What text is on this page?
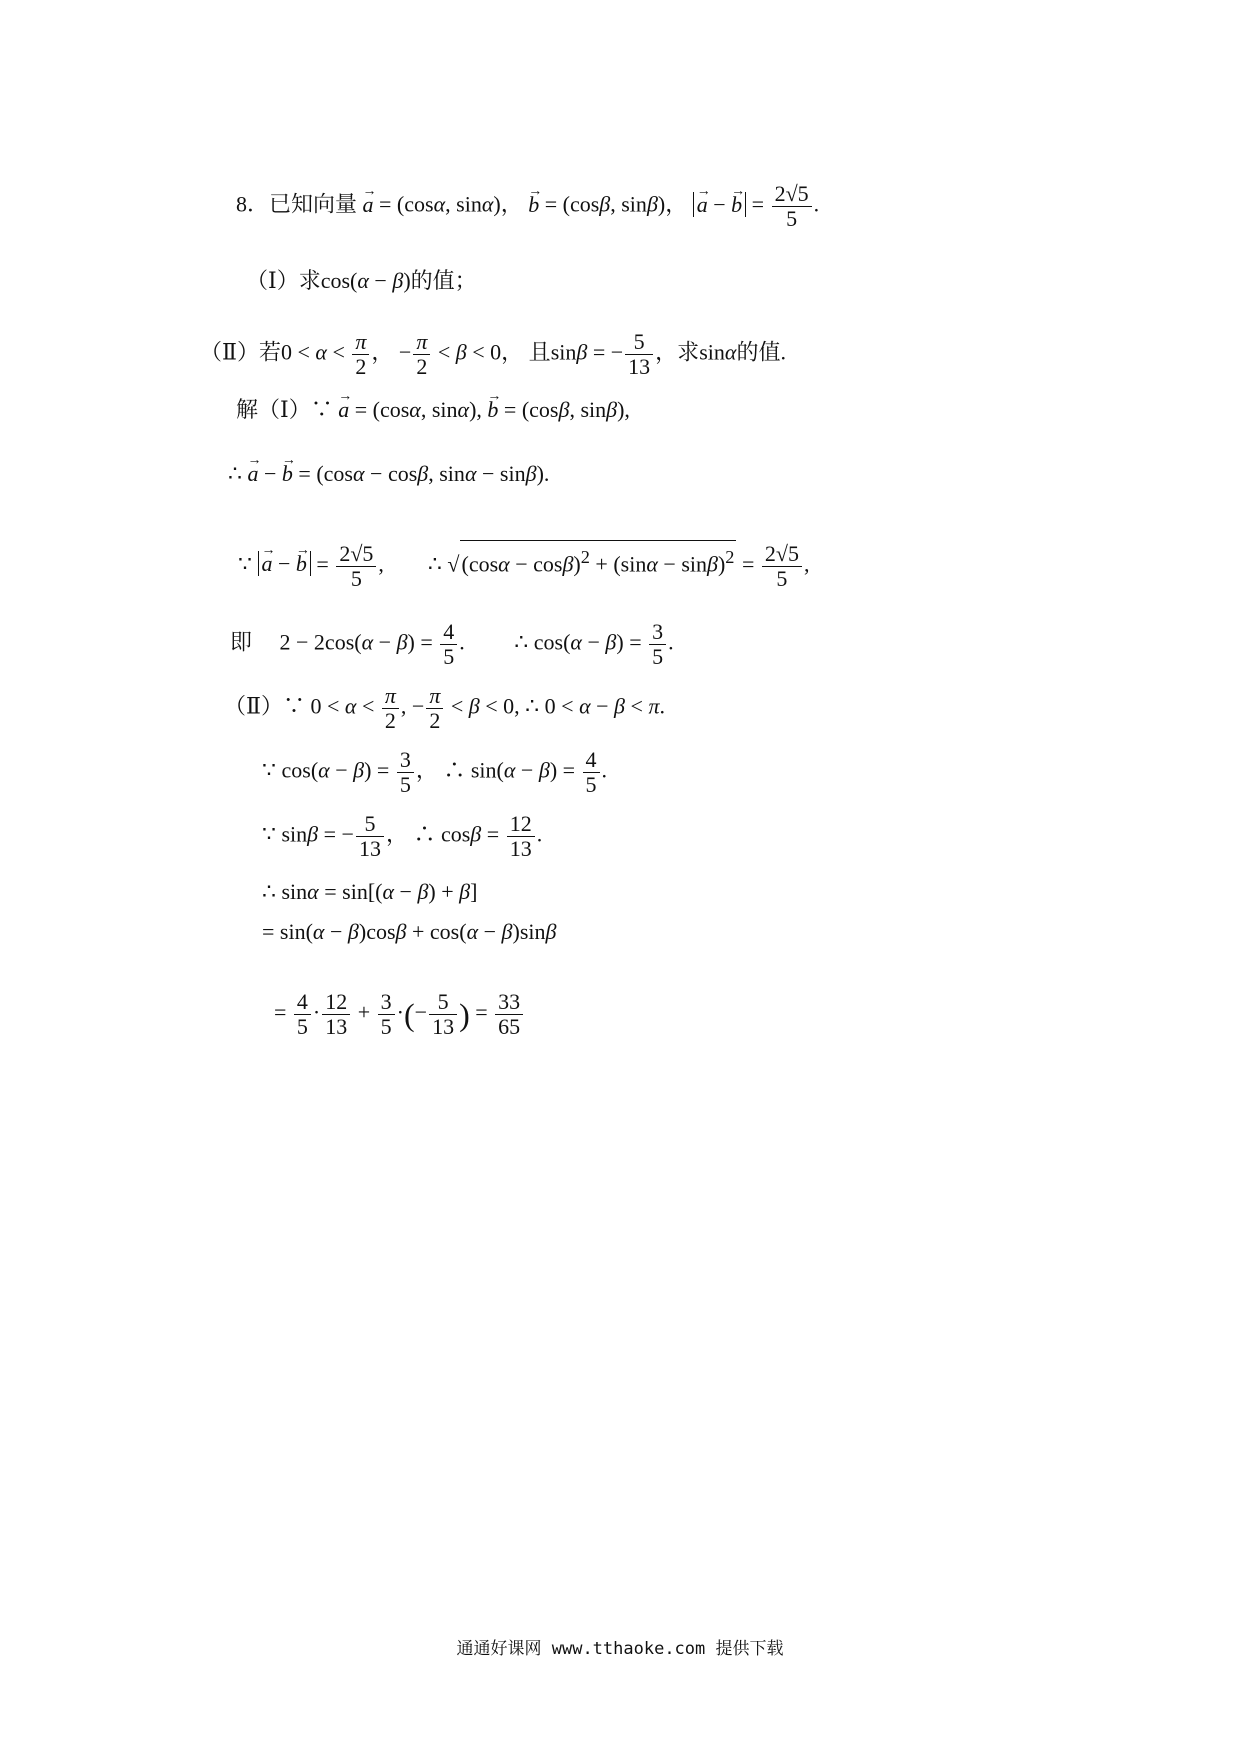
8．已知向量 → a = (cosα, sinα)， → b = (cosβ, sinβ)， → a − → $b = \frac{2√5}{5}$ .
（Ⅰ）求cos(α − β)的值；
（Ⅱ）若$0 < \alpha < \frac{\pi}{2}$ ， − $\frac{\pi}{2} < \beta < 0$， 且sinβ = − $\frac{5}{13}$ ，求sinα的值.
解（Ⅰ）∵ → a = (cosα, sinα), → b = (cosβ, sinβ),
∴ → a − → b = (cosα − cosβ, sinα − sinβ).
∵ → a − → $b = \frac{2√5}{5}$ ,        ∴ $√(\cos\alpha - \cos\beta)^2 + (\sin\alpha - \sin\beta)^2 = \frac{2√5}{5}$ ,
即     $2 - 2\cos(\alpha - \beta) = \frac{4}{5}$ .         ∴ $\cos(\alpha - \beta) = \frac{3}{5}$ .
（Ⅱ）∵ $0 < \alpha < \frac{\pi}{2}$ , − $\frac{\pi}{2} < \beta < 0$, ∴ 0 < α − β < π.
∵ $\cos(\alpha - \beta) = \frac{3}{5}$ ， ∴ $\sin(\alpha - \beta) = \frac{4}{5}$ .
∵ sinβ = − $\frac{5}{13}$ ， ∴ $\cos\beta = \frac{12}{13}$ .
∴ sinα = sin[(α − β) + β]
= sin(α − β)cosβ + cos(α − β)sinβ
= $\frac{4}{5} \cdot \frac{12}{13} + \frac{3}{5}$ ·(− $\frac{5}{13}$ ) = $\frac{33}{65}$
通通好课网 www.tthaoke.com 提供下载
